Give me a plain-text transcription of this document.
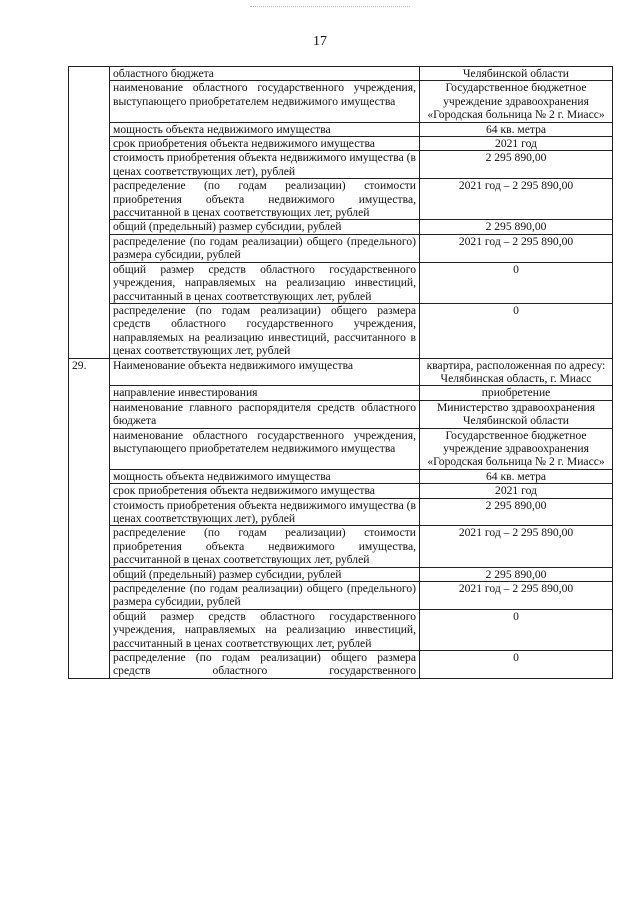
17
	областного бюджета	Челябинской области
	наименование областного государственного учреждения, выступающего приобретателем недвижимого имущества	Государственное бюджетное учреждение здравоохранения «Городская больница № 2 г. Миасс»
	мощность объекта недвижимого имущества	64 кв. метра
	срок приобретения объекта недвижимого имущества	2021 год
	стоимость приобретения объекта недвижимого имущества (в ценах соответствующих лет), рублей	2 295 890,00
	распределение (по годам реализации) стоимости приобретения объекта недвижимого имущества, рассчитанной в ценах соответствующих лет, рублей	2021 год – 2 295 890,00
	общий (предельный) размер субсидии, рублей	2 295 890,00
	распределение (по годам реализации) общего (предельного) размера субсидии, рублей	2021 год – 2 295 890,00
	общий размер средств областного государственного учреждения, направляемых на реализацию инвестиций, рассчитанный в ценах соответствующих лет, рублей	0
	распределение (по годам реализации) общего размера средств областного государственного учреждения, направляемых на реализацию инвестиций, рассчитанного в ценах соответствующих лет, рублей	0
29.	Наименование объекта недвижимого имущества	квартира, расположенная по адресу: Челябинская область, г. Миасс
	направление инвестирования	приобретение
	наименование главного распорядителя средств областного бюджета	Министерство здравоохранения Челябинской области
	наименование областного государственного учреждения, выступающего приобретателем недвижимого имущества	Государственное бюджетное учреждение здравоохранения «Городская больница № 2 г. Миасс»
	мощность объекта недвижимого имущества	64 кв. метра
	срок приобретения объекта недвижимого имущества	2021 год
	стоимость приобретения объекта недвижимого имущества (в ценах соответствующих лет), рублей	2 295 890,00
	распределение (по годам реализации) стоимости приобретения объекта недвижимого имущества, рассчитанной в ценах соответствующих лет, рублей	2021 год – 2 295 890,00
	общий (предельный) размер субсидии, рублей	2 295 890,00
	распределение (по годам реализации) общего (предельного) размера субсидии, рублей	2021 год – 2 295 890,00
	общий размер средств областного государственного учреждения, направляемых на реализацию инвестиций, рассчитанный в ценах соответствующих лет, рублей	0
	распределение (по годам реализации) общего размера средств областного государственного	0
